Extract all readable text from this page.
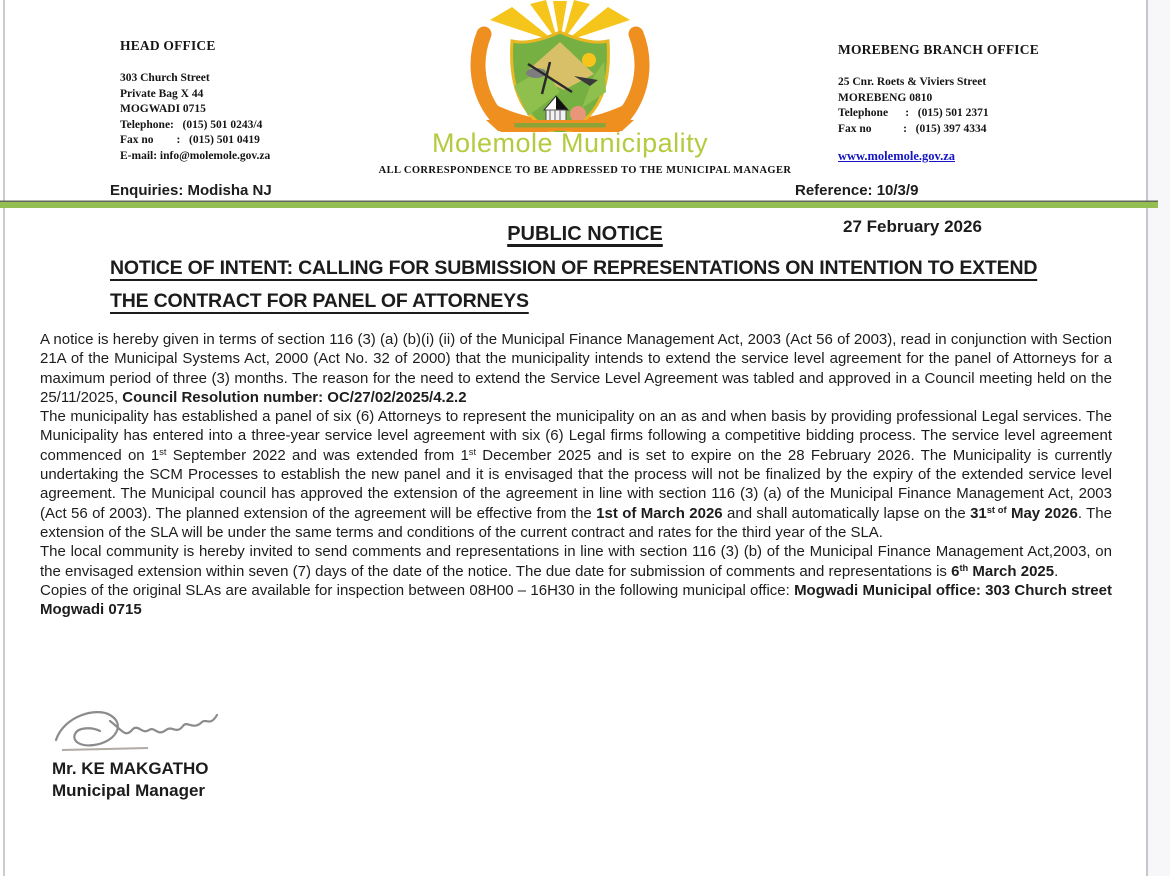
HEAD OFFICE
303 Church Street
Private Bag X 44
MOGWADI 0715
Telephone:   (015) 501 0243/4
Fax no        :   (015) 501 0419
E-mail: info@molemole.gov.za	Molemole Municipality
MOREBENG BRANCH OFFICE
25 Cnr. Roets & Viviers Street
MOREBENG 0810
Telephone      :   (015) 501 2371
Fax no           :   (015) 397 4334
www.molemole.gov.za
ALL CORRESPONDENCE TO BE ADDRESSED TO THE MUNICIPAL MANAGER
Enquiries: Modisha NJ	Reference: 10/3/9
27 February 2026
PUBLIC NOTICE
NOTICE OF INTENT: CALLING FOR SUBMISSION OF REPRESENTATIONS ON INTENTION TO EXTEND THE CONTRACT FOR PANEL OF ATTORNEYS

A notice is hereby given in terms of section 116 (3) (a) (b)(i) (ii) of the Municipal Finance Management Act, 2003 (Act 56 of 2003), read in conjunction with Section 21A of the Municipal Systems Act, 2000 (Act No. 32 of 2000) that the municipality intends to extend the service level agreement for the panel of Attorneys for a maximum period of three (3) months. The reason for the need to extend the Service Level Agreement was tabled and approved in a Council meeting held on the 25/11/2025, Council Resolution number: OC/27/02/2025/4.2.2

The municipality has established a panel of six (6) Attorneys to represent the municipality on an as and when basis by providing professional Legal services. The Municipality has entered into a three-year service level agreement with six (6) Legal firms following a competitive bidding process. The service level agreement commenced on 1st September 2022 and was extended from 1st December 2025 and is set to expire on the 28 February 2026. The Municipality is currently undertaking the SCM Processes to establish the new panel and it is envisaged that the process will not be finalized by the expiry of the extended service level agreement. The Municipal council has approved the extension of the agreement in line with section 116 (3) (a) of the Municipal Finance Management Act, 2003 (Act 56 of 2003). The planned extension of the agreement will be effective from the 1st of March 2026 and shall automatically lapse on the $31^{st of}$ May 2026. The extension of the SLA will be under the same terms and conditions of the current contract and rates for the third year of the SLA.

The local community is hereby invited to send comments and representations in line with section 116 (3) (b) of the Municipal Finance Management Act,2003, on the envisaged extension within seven (7) days of the date of the notice. The due date for submission of comments and representations is 6th March 2025.

Copies of the original SLAs are available for inspection between 08H00 – 16H30 in the following municipal office: Mogwadi Municipal office: 303 Church street Mogwadi 0715

Mr. KE MAKGATHO
Municipal Manager
